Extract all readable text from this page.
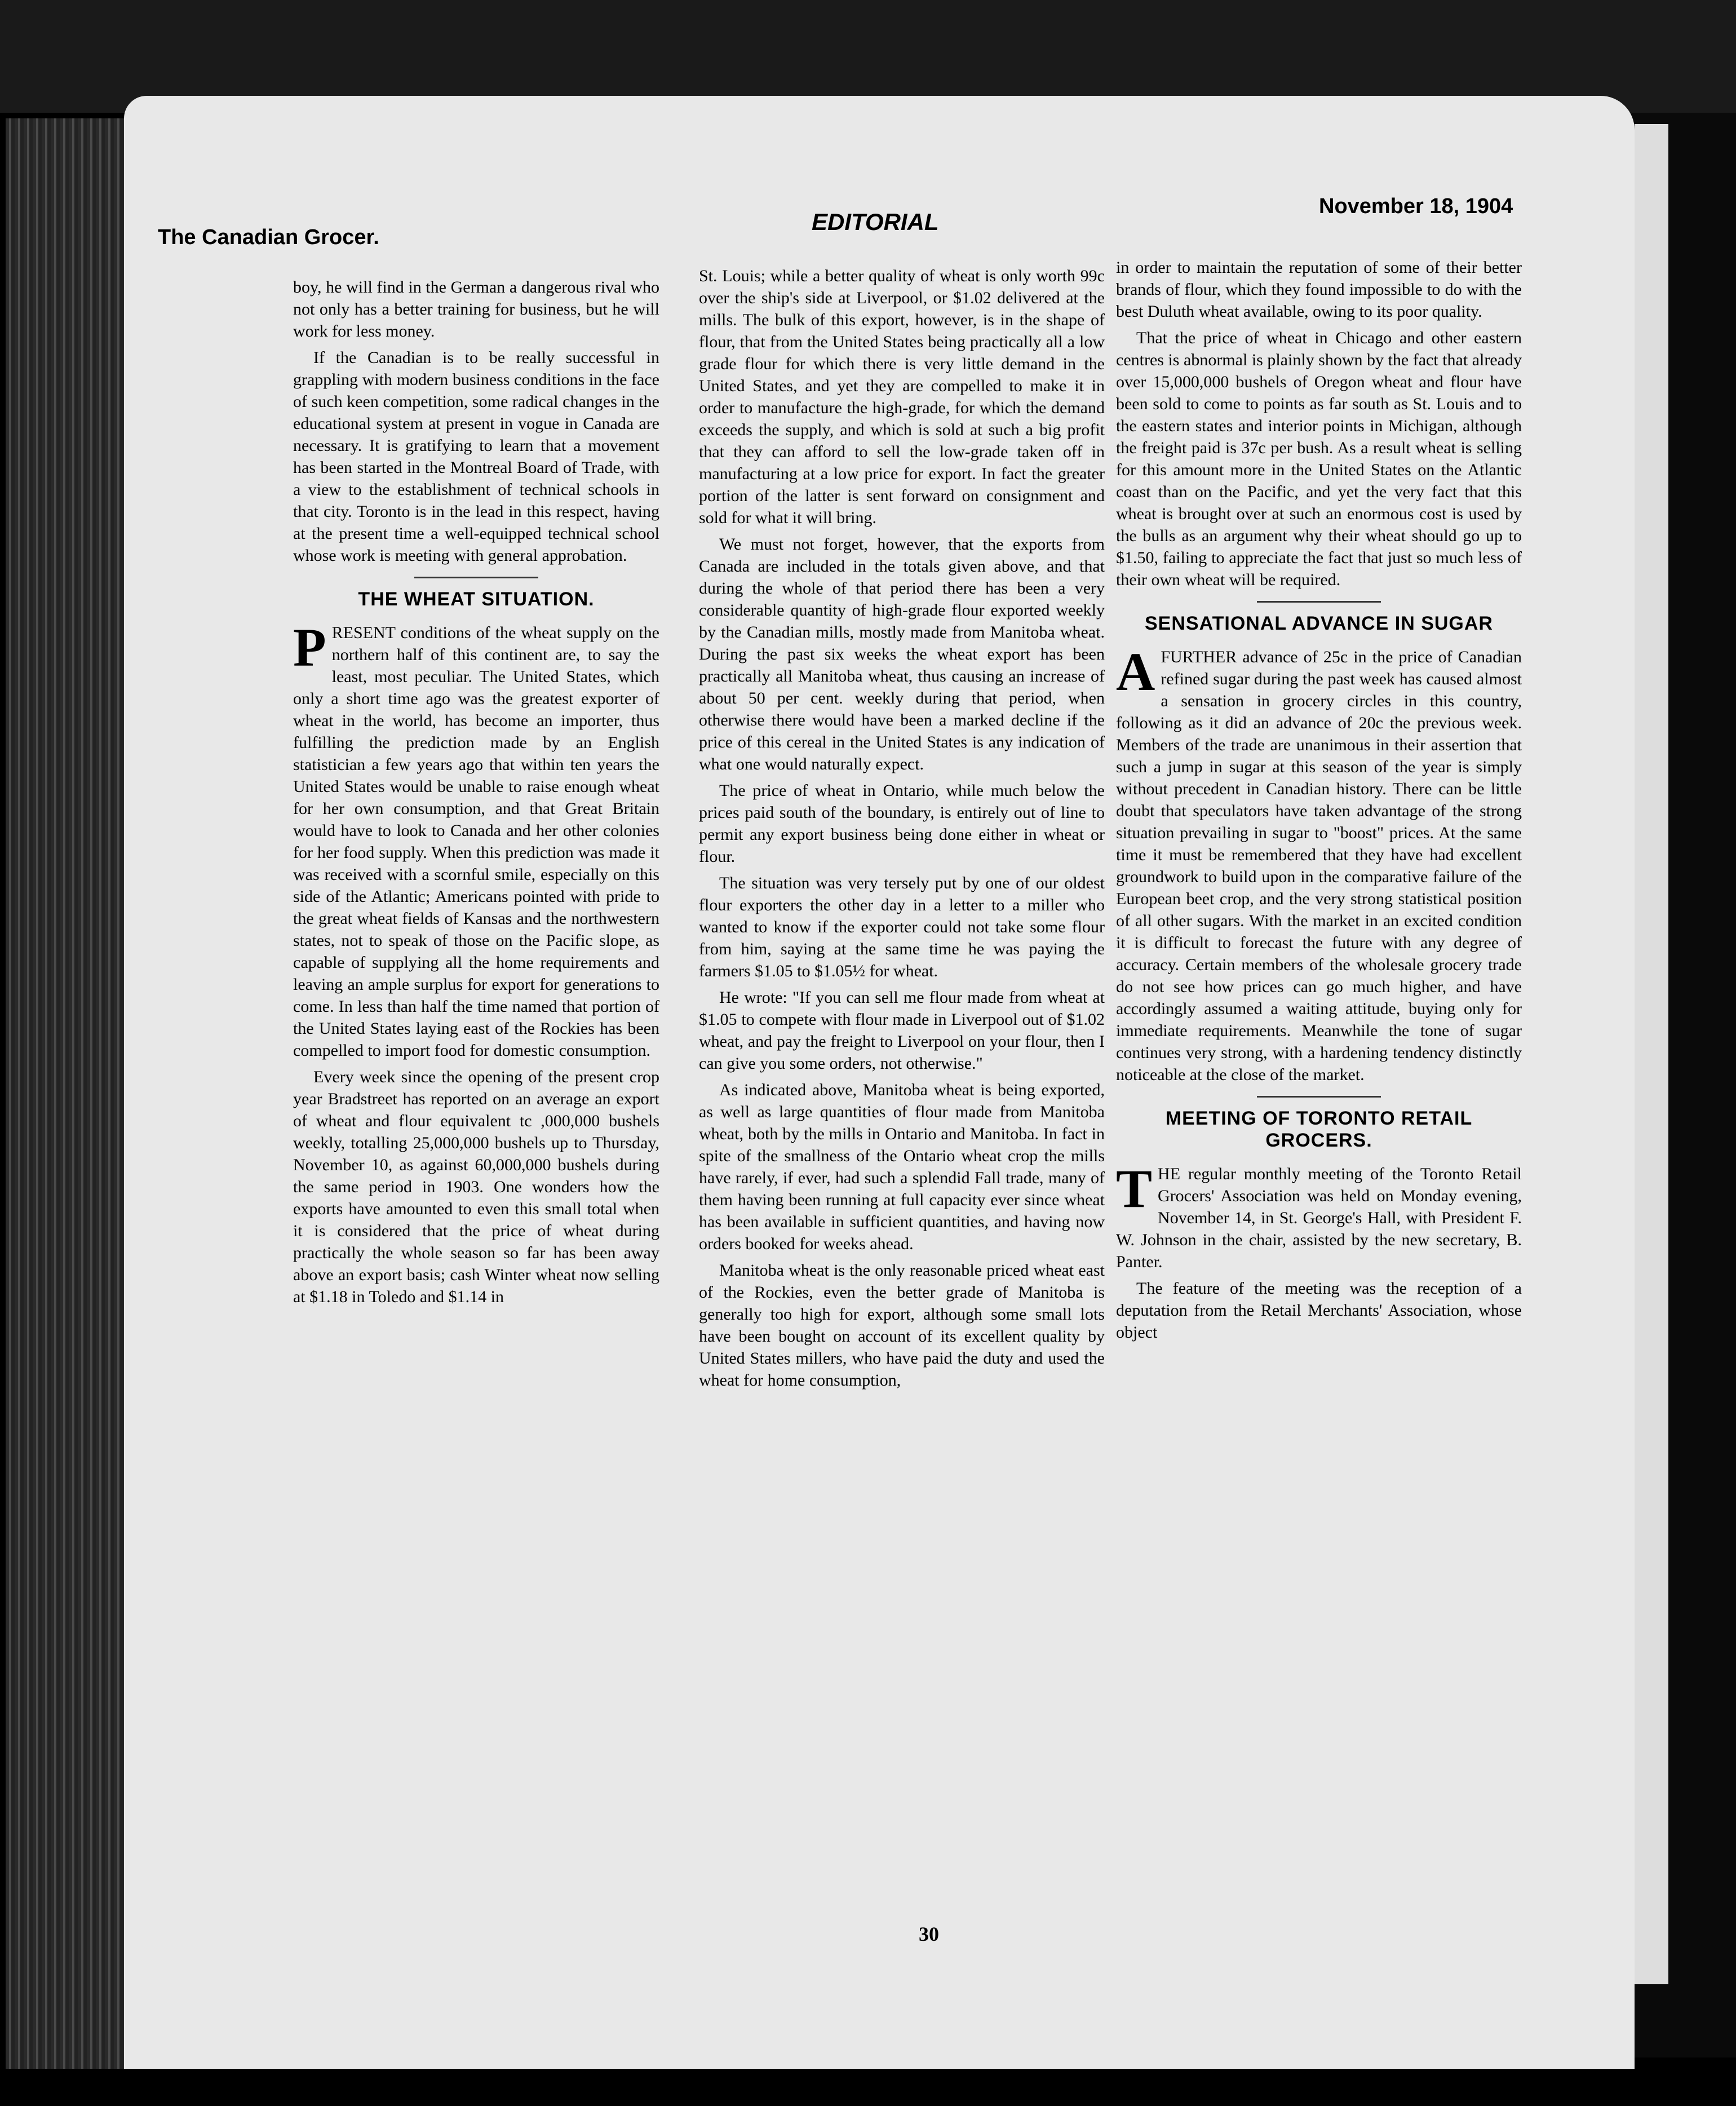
The Canadian Grocer.
EDITORIAL
November 18, 1904

boy, he will find in the German a dangerous rival who not only has a better training for business, but he will work for less money.

If the Canadian is to be really successful in grappling with modern business conditions in the face of such keen competition, some radical changes in the educational system at present in vogue in Canada are necessary. It is gratifying to learn that a movement has been started in the Montreal Board of Trade, with a view to the establishment of technical schools in that city. Toronto is in the lead in this respect, having at the present time a well-equipped technical school whose work is meeting with general approbation.

THE WHEAT SITUATION.

PRESENT conditions of the wheat supply on the northern half of this continent are, to say the least, most peculiar. The United States, which only a short time ago was the greatest exporter of wheat in the world, has become an importer, thus fulfilling the prediction made by an English statistician a few years ago that within ten years the United States would be unable to raise enough wheat for her own consumption, and that Great Britain would have to look to Canada and her other colonies for her food supply. When this prediction was made it was received with a scornful smile, especially on this side of the Atlantic; Americans pointed with pride to the great wheat fields of Kansas and the northwestern states, not to speak of those on the Pacific slope, as capable of supplying all the home requirements and leaving an ample surplus for export for generations to come. In less than half the time named that portion of the United States laying east of the Rockies has been compelled to import food for domestic consumption.

Every week since the opening of the present crop year Bradstreet has reported on an average an export of wheat and flour equivalent tc ,000,000 bushels weekly, totalling 25,000,000 bushels up to Thursday, November 10, as against 60,000,000 bushels during the same period in 1903. One wonders how the exports have amounted to even this small total when it is considered that the price of wheat during practically the whole season so far has been away above an export basis; cash Winter wheat now selling at $1.18 in Toledo and $1.14 in

St. Louis; while a better quality of wheat is only worth 99c over the ship's side at Liverpool, or $1.02 delivered at the mills. The bulk of this export, however, is in the shape of flour, that from the United States being practically all a low grade flour for which there is very little demand in the United States, and yet they are compelled to make it in order to manufacture the high-grade, for which the demand exceeds the supply, and which is sold at such a big profit that they can afford to sell the low-grade taken off in manufacturing at a low price for export. In fact the greater portion of the latter is sent forward on consignment and sold for what it will bring.

We must not forget, however, that the exports from Canada are included in the totals given above, and that during the whole of that period there has been a very considerable quantity of high-grade flour exported weekly by the Canadian mills, mostly made from Manitoba wheat. During the past six weeks the wheat export has been practically all Manitoba wheat, thus causing an increase of about 50 per cent. weekly during that period, when otherwise there would have been a marked decline if the price of this cereal in the United States is any indication of what one would naturally expect.

The price of wheat in Ontario, while much below the prices paid south of the boundary, is entirely out of line to permit any export business being done either in wheat or flour.

The situation was very tersely put by one of our oldest flour exporters the other day in a letter to a miller who wanted to know if the exporter could not take some flour from him, saying at the same time he was paying the farmers $1.05 to $1.05½ for wheat.

He wrote: "If you can sell me flour made from wheat at $1.05 to compete with flour made in Liverpool out of $1.02 wheat, and pay the freight to Liverpool on your flour, then I can give you some orders, not otherwise."

As indicated above, Manitoba wheat is being exported, as well as large quantities of flour made from Manitoba wheat, both by the mills in Ontario and Manitoba. In fact in spite of the smallness of the Ontario wheat crop the mills have rarely, if ever, had such a splendid Fall trade, many of them having been running at full capacity ever since wheat has been available in sufficient quantities, and having now orders booked for weeks ahead.

Manitoba wheat is the only reasonable priced wheat east of the Rockies, even the better grade of Manitoba is generally too high for export, although some small lots have been bought on account of its excellent quality by United States millers, who have paid the duty and used the wheat for home consumption,

in order to maintain the reputation of some of their better brands of flour, which they found impossible to do with the best Duluth wheat available, owing to its poor quality.

That the price of wheat in Chicago and other eastern centres is abnormal is plainly shown by the fact that already over 15,000,000 bushels of Oregon wheat and flour have been sold to come to points as far south as St. Louis and to the eastern states and interior points in Michigan, although the freight paid is 37c per bush. As a result wheat is selling for this amount more in the United States on the Atlantic coast than on the Pacific, and yet the very fact that this wheat is brought over at such an enormous cost is used by the bulls as an argument why their wheat should go up to $1.50, failing to appreciate the fact that just so much less of their own wheat will be required.

SENSATIONAL ADVANCE IN SUGAR

AFURTHER advance of 25c in the price of Canadian refined sugar during the past week has caused almost a sensation in grocery circles in this country, following as it did an advance of 20c the previous week. Members of the trade are unanimous in their assertion that such a jump in sugar at this season of the year is simply without precedent in Canadian history. There can be little doubt that speculators have taken advantage of the strong situation prevailing in sugar to "boost" prices. At the same time it must be remembered that they have had excellent groundwork to build upon in the comparative failure of the European beet crop, and the very strong statistical position of all other sugars. With the market in an excited condition it is difficult to forecast the future with any degree of accuracy. Certain members of the wholesale grocery trade do not see how prices can go much higher, and have accordingly assumed a waiting attitude, buying only for immediate requirements. Meanwhile the tone of sugar continues very strong, with a hardening tendency distinctly noticeable at the close of the market.

MEETING OF TORONTO RETAIL GROCERS.

THE regular monthly meeting of the Toronto Retail Grocers' Association was held on Monday evening, November 14, in St. George's Hall, with President F. W. Johnson in the chair, assisted by the new secretary, B. Panter.

The feature of the meeting was the reception of a deputation from the Retail Merchants' Association, whose object

30
